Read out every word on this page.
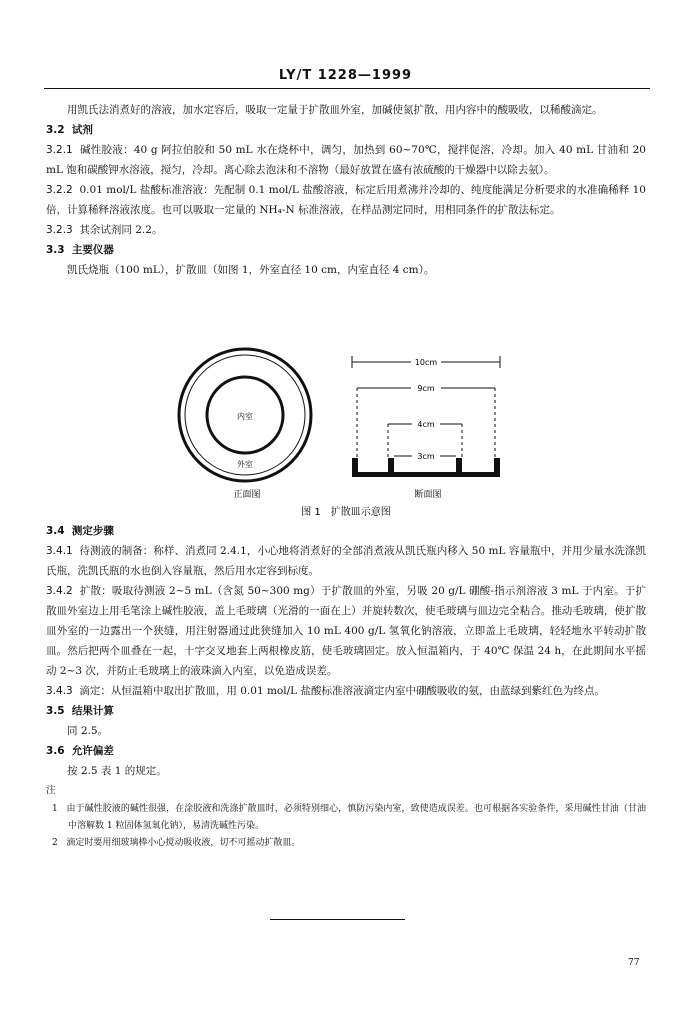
LY/T 1228—1999

用凯氏法消煮好的溶液，加水定容后，吸取一定量于扩散皿外室，加碱使氮扩散，用内容中的酸吸收，以稀酸滴定。

3.2 试剂

3.2.1 碱性胶液：40 g 阿拉伯胶和 50 mL 水在烧杯中，调匀，加热到 60~70℃，搅拌促溶，冷却。加入 40 mL 甘油和 20 mL 饱和碳酸钾水溶液，搅匀，冷却。离心除去泡沫和不溶物（最好放置在盛有浓硫酸的干燥器中以除去氨）。

3.2.2 0.01 mol/L 盐酸标准溶液：先配制 0.1 mol/L 盐酸溶液，标定后用煮沸并冷却的、纯度能满足分析要求的水准确稀释 10 倍，计算稀释溶液浓度。也可以吸取一定量的 NH₄-N 标准溶液，在样品测定同时，用相同条件的扩散法标定。

3.2.3 其余试剂同 2.2。

3.3 主要仪器

凯氏烧瓶（100 mL），扩散皿（如图 1，外室直径 10 cm，内室直径 4 cm）。

内室
外室
正面图
10cm
9cm
4cm
3cm
断面图
图 1　扩散皿示意图

3.4 测定步骤

3.4.1 待测液的制备：称样、消煮同 2.4.1，小心地将消煮好的全部消煮液从凯氏瓶内移入 50 mL 容量瓶中，并用少量水洗涤凯氏瓶，洗凯氏瓶的水也倒入容量瓶，然后用水定容到标度。

3.4.2 扩散：吸取待测液 2~5 mL（含氮 50~300 mg）于扩散皿的外室，另吸 20 g/L 硼酸-指示剂溶液 3 mL 于内室。于扩散皿外室边上用毛笔涂上碱性胶液，盖上毛玻璃（光滑的一面在上）并旋转数次，使毛玻璃与皿边完全粘合。推动毛玻璃，使扩散皿外室的一边露出一个狭缝，用注射器通过此狭缝加入 10 mL 400 g/L 氢氧化钠溶液，立即盖上毛玻璃，轻轻地水平转动扩散皿。然后把两个皿叠在一起，十字交叉地套上两根橡皮筋，使毛玻璃固定。放入恒温箱内，于 40℃ 保温 24 h，在此期间水平摇动 2~3 次，并防止毛玻璃上的液珠滴入内室，以免造成误差。

3.4.3 滴定：从恒温箱中取出扩散皿，用 0.01 mol/L 盐酸标准溶液滴定内室中硼酸吸收的氨，由蓝绿到紫红色为终点。

3.5 结果计算

同 2.5。

3.6 允许偏差

按 2.5 表 1 的规定。

注

1 由于碱性胶液的碱性很强，在涂胶液和洗涤扩散皿时，必须特别细心，慎防污染内室，致使造成误差。也可根据各实验条件，采用碱性甘油（甘油中溶解数 1 粒固体氢氧化钠），易清洗碱性污染。

2 滴定时要用细玻璃棒小心搅动吸收液，切不可摇动扩散皿。

77
